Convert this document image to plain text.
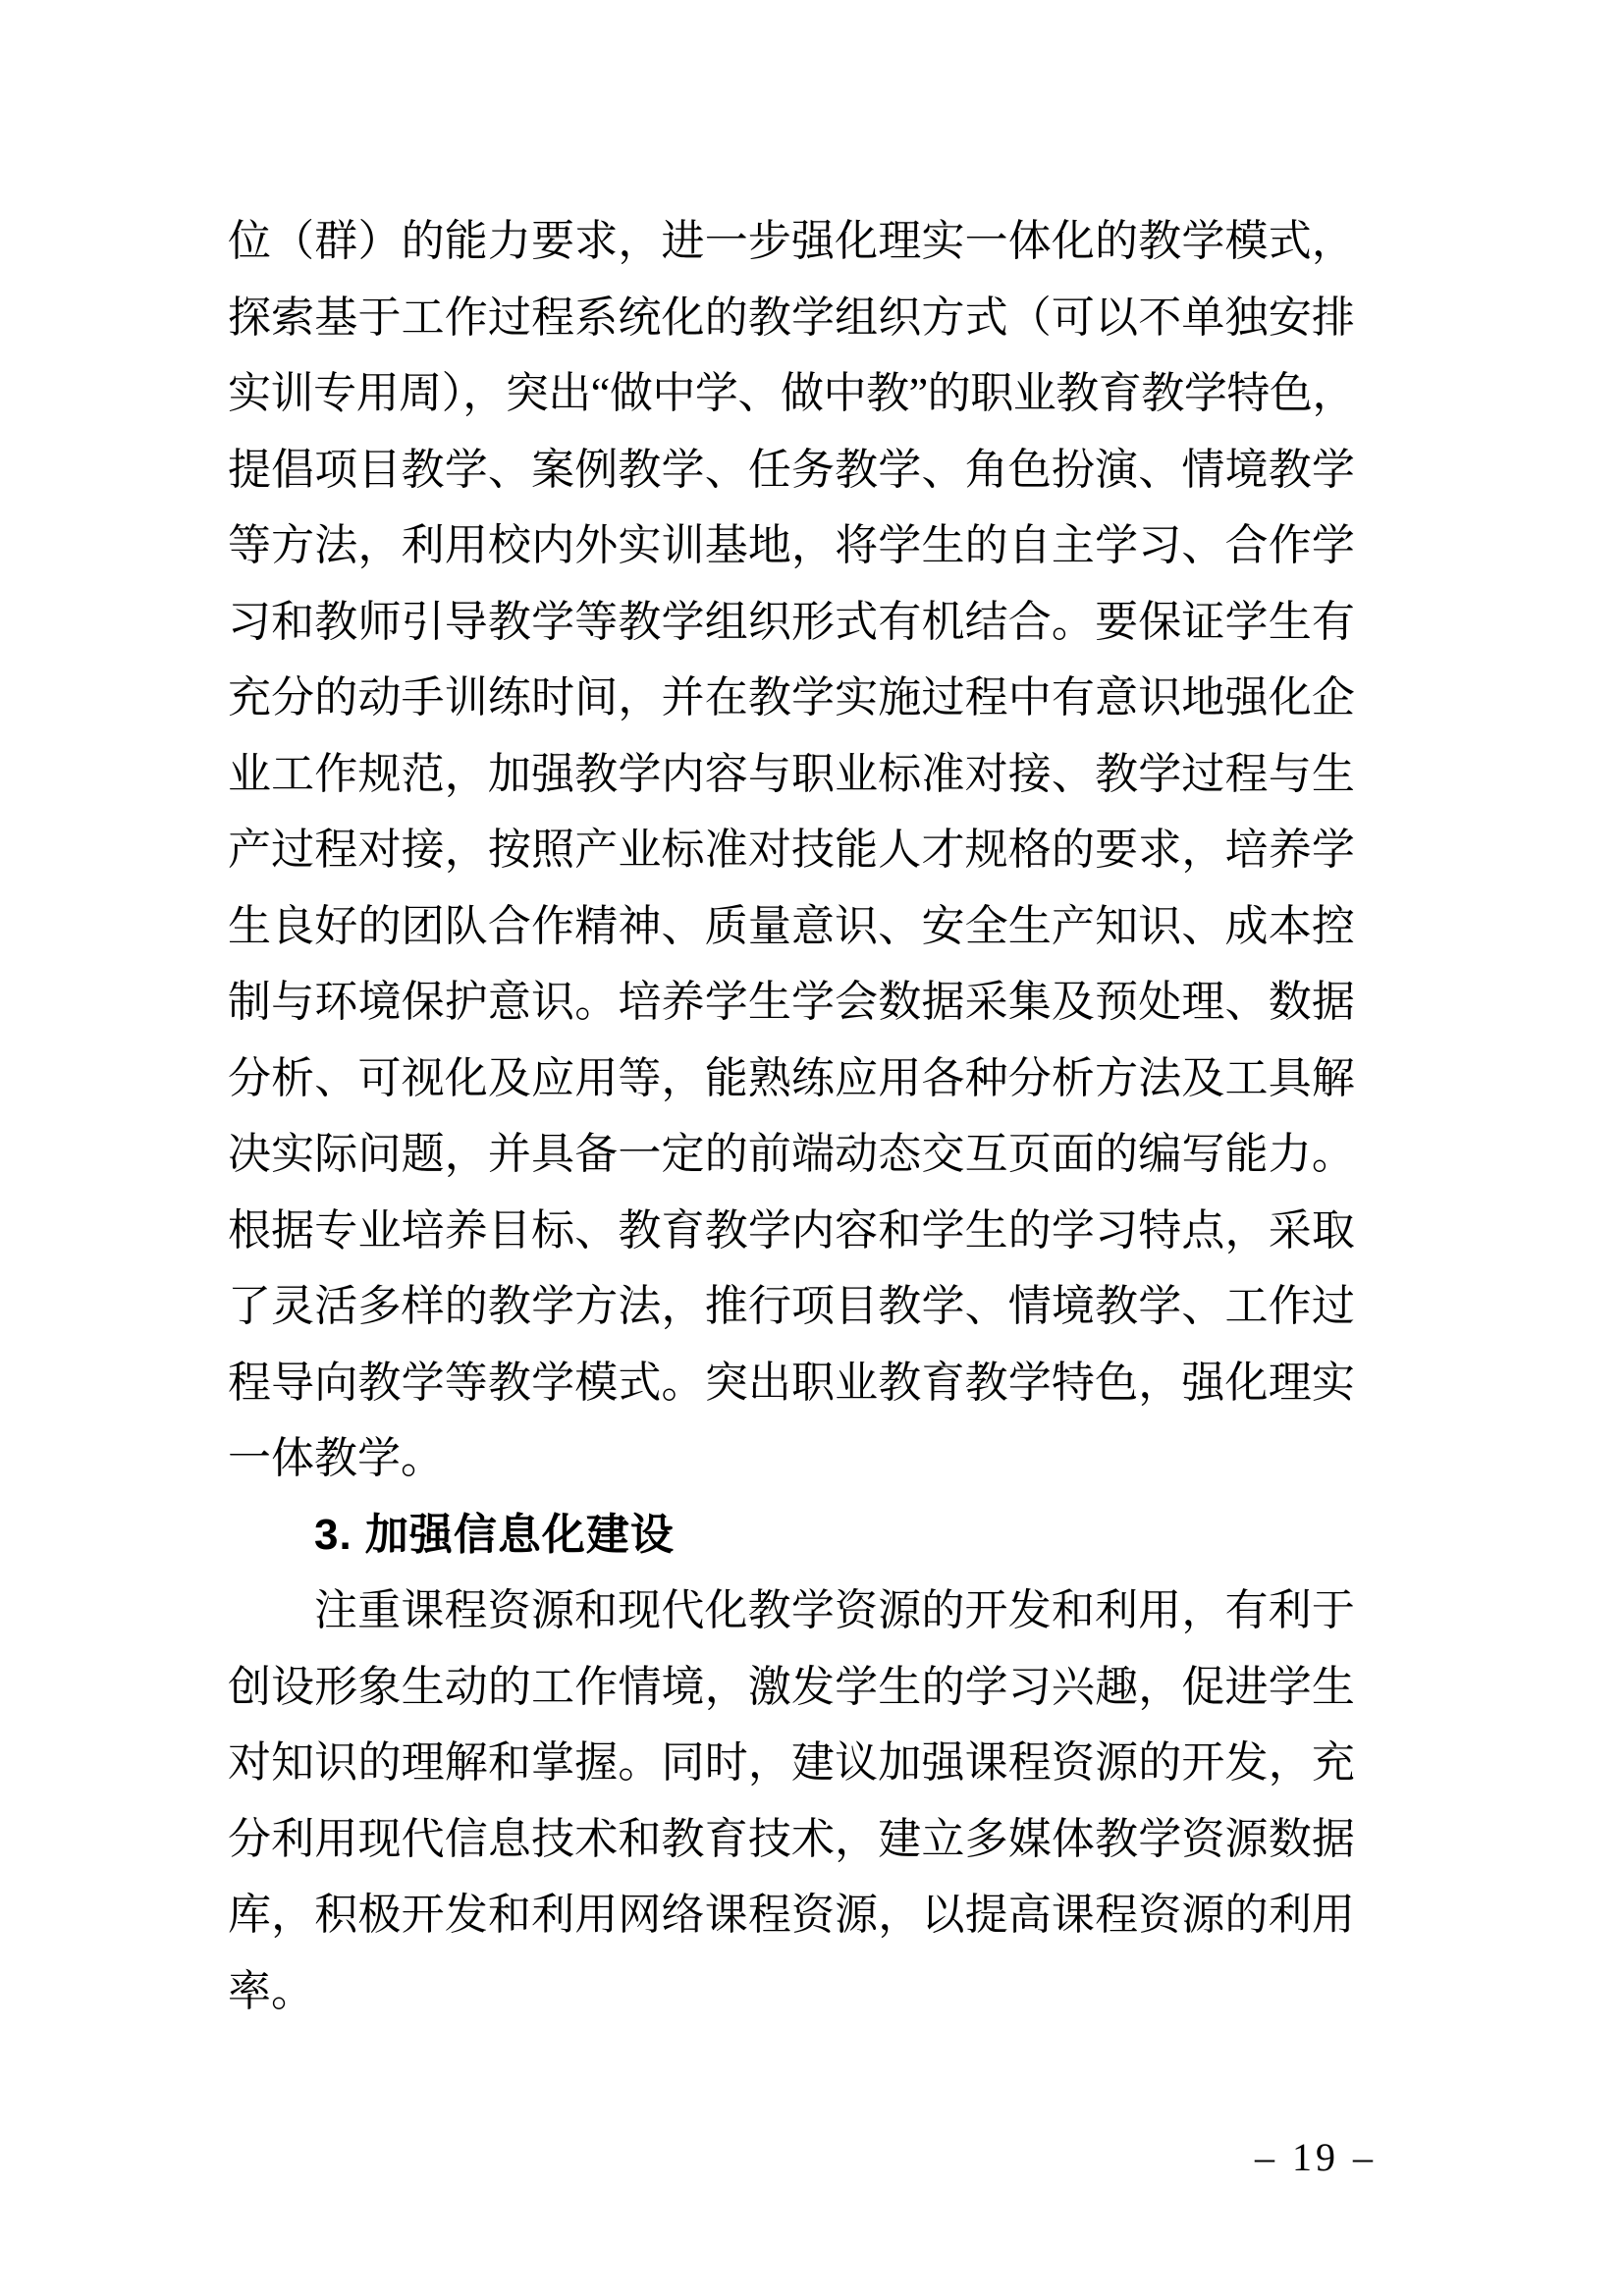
位（群）的能力要求，进一步强化理实一体化的教学模式，
探索基于工作过程系统化的教学组织方式（可以不单独安排
实训专用周），突出“做中学、做中教”的职业教育教学特色，
提倡项目教学、案例教学、任务教学、角色扮演、情境教学
等方法，利用校内外实训基地，将学生的自主学习、合作学
习和教师引导教学等教学组织形式有机结合。要保证学生有
充分的动手训练时间，并在教学实施过程中有意识地强化企
业工作规范，加强教学内容与职业标准对接、教学过程与生
产过程对接，按照产业标准对技能人才规格的要求，培养学
生良好的团队合作精神、质量意识、安全生产知识、成本控
制与环境保护意识。培养学生学会数据采集及预处理、数据
分析、可视化及应用等，能熟练应用各种分析方法及工具解
决实际问题，并具备一定的前端动态交互页面的编写能力。
根据专业培养目标、教育教学内容和学生的学习特点，采取
了灵活多样的教学方法，推行项目教学、情境教学、工作过
程导向教学等教学模式。突出职业教育教学特色，强化理实
一体教学。
3. 加强信息化建设
注重课程资源和现代化教学资源的开发和利用，有利于
创设形象生动的工作情境，激发学生的学习兴趣，促进学生
对知识的理解和掌握。同时，建议加强课程资源的开发，充
分利用现代信息技术和教育技术，建立多媒体教学资源数据
库，积极开发和利用网络课程资源，以提高课程资源的利用
率。
– 19 –
